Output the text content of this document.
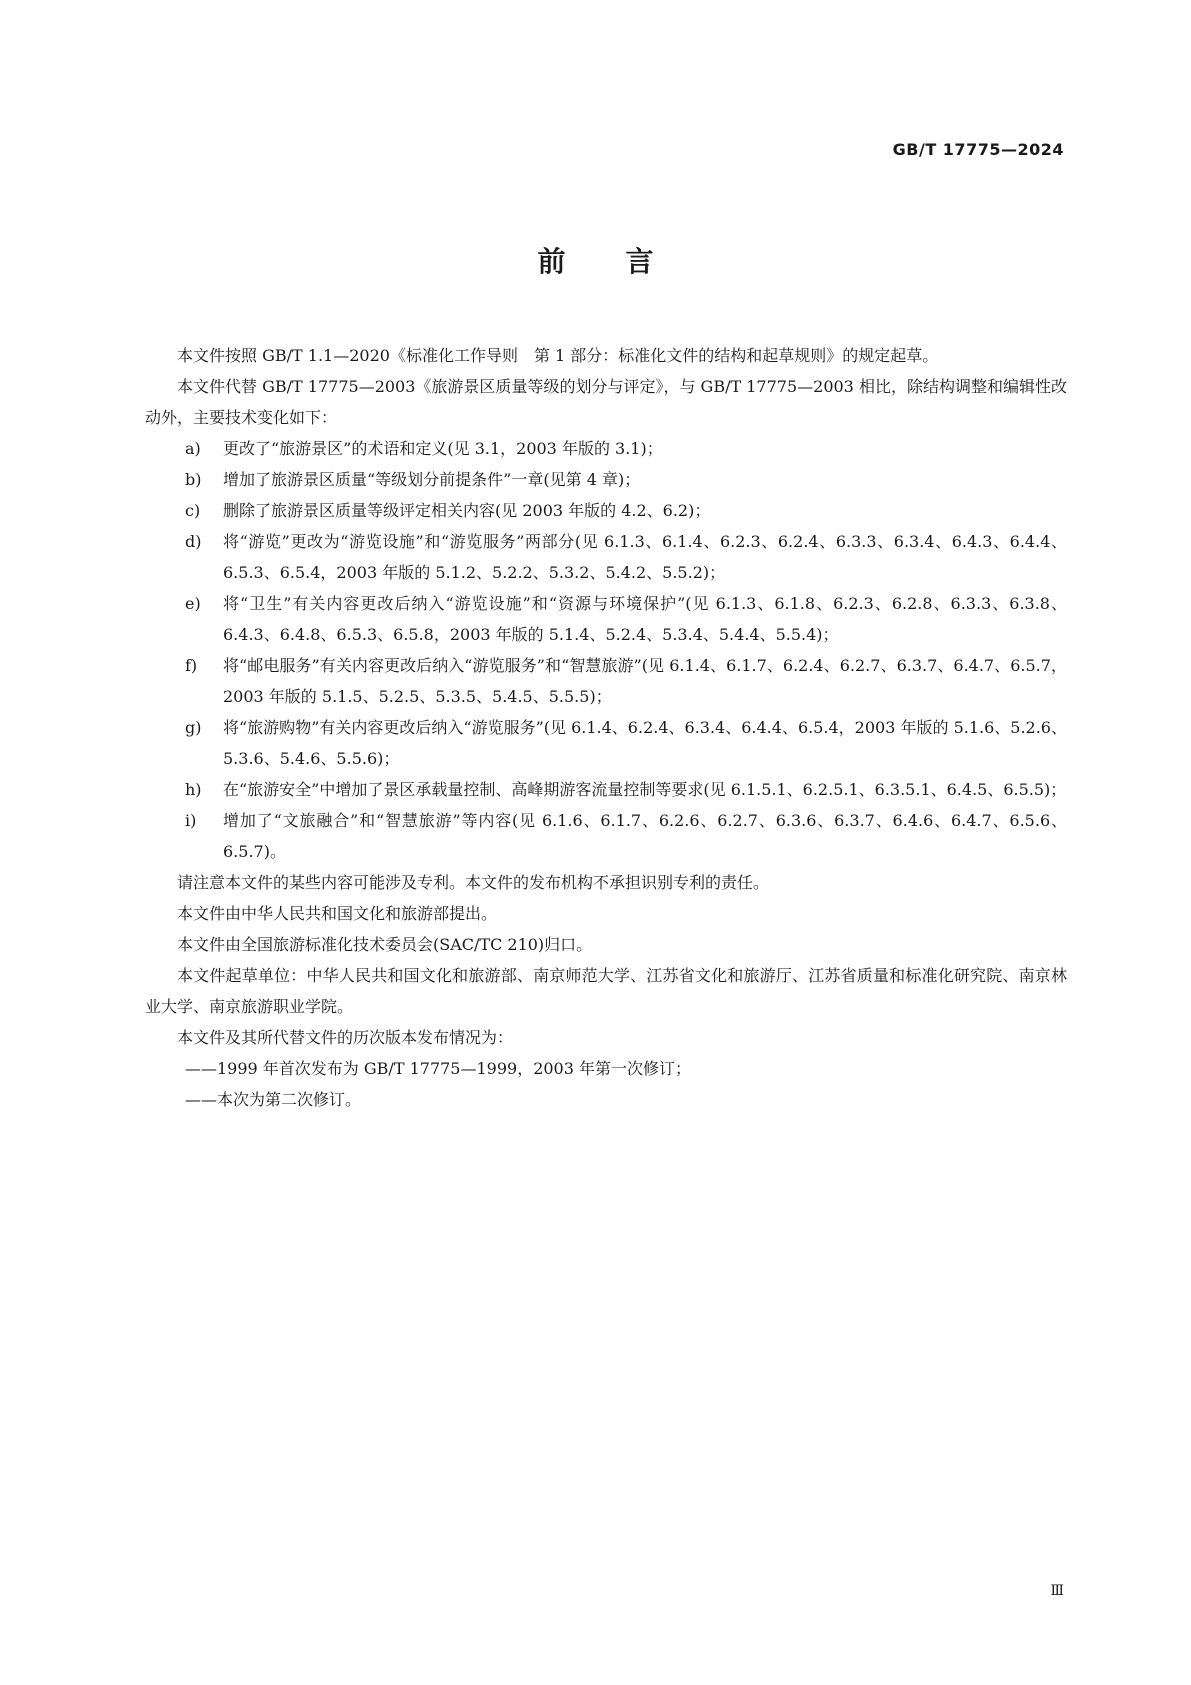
GB/T 17775—2024
前言

本文件按照 GB/T 1.1—2020《标准化工作导则　第 1 部分：标准化文件的结构和起草规则》的规定起草。

本文件代替 GB/T 17775—2003《旅游景区质量等级的划分与评定》，与 GB/T 17775—2003 相比，除结构调整和编辑性改动外，主要技术变化如下：

a)	更改了“旅游景区”的术语和定义(见 3.1，2003 年版的 3.1)；
b)	增加了旅游景区质量“等级划分前提条件”一章(见第 4 章)；
c)	删除了旅游景区质量等级评定相关内容(见 2003 年版的 4.2、6.2)；
d)	将“游览”更改为“游览设施”和“游览服务”两部分(见 6.1.3、6.1.4、6.2.3、6.2.4、6.3.3、6.3.4、6.4.3、6.4.4、6.5.3、6.5.4，2003 年版的 5.1.2、5.2.2、5.3.2、5.4.2、5.5.2)；
e)	将“卫生”有关内容更改后纳入“游览设施”和“资源与环境保护”(见 6.1.3、6.1.8、6.2.3、6.2.8、6.3.3、6.3.8、6.4.3、6.4.8、6.5.3、6.5.8，2003 年版的 5.1.4、5.2.4、5.3.4、5.4.4、5.5.4)；
f)	将“邮电服务”有关内容更改后纳入“游览服务”和“智慧旅游”(见 6.1.4、6.1.7、6.2.4、6.2.7、6.3.7、6.4.7、6.5.7，2003 年版的 5.1.5、5.2.5、5.3.5、5.4.5、5.5.5)；
g)	将“旅游购物”有关内容更改后纳入“游览服务”(见 6.1.4、6.2.4、6.3.4、6.4.4、6.5.4，2003 年版的 5.1.6、5.2.6、5.3.6、5.4.6、5.5.6)；
h)	在“旅游安全”中增加了景区承载量控制、高峰期游客流量控制等要求(见 6.1.5.1、6.2.5.1、6.3.5.1、6.4.5、6.5.5)；
i)	增加了“文旅融合”和“智慧旅游”等内容(见 6.1.6、6.1.7、6.2.6、6.2.7、6.3.6、6.3.7、6.4.6、6.4.7、6.5.6、6.5.7)。

请注意本文件的某些内容可能涉及专利。本文件的发布机构不承担识别专利的责任。

本文件由中华人民共和国文化和旅游部提出。

本文件由全国旅游标准化技术委员会(SAC/TC 210)归口。

本文件起草单位：中华人民共和国文化和旅游部、南京师范大学、江苏省文化和旅游厅、江苏省质量和标准化研究院、南京林业大学、南京旅游职业学院。

本文件及其所代替文件的历次版本发布情况为：

——1999 年首次发布为 GB/T 17775—1999，2003 年第一次修订；

——本次为第二次修订。

Ⅲ
